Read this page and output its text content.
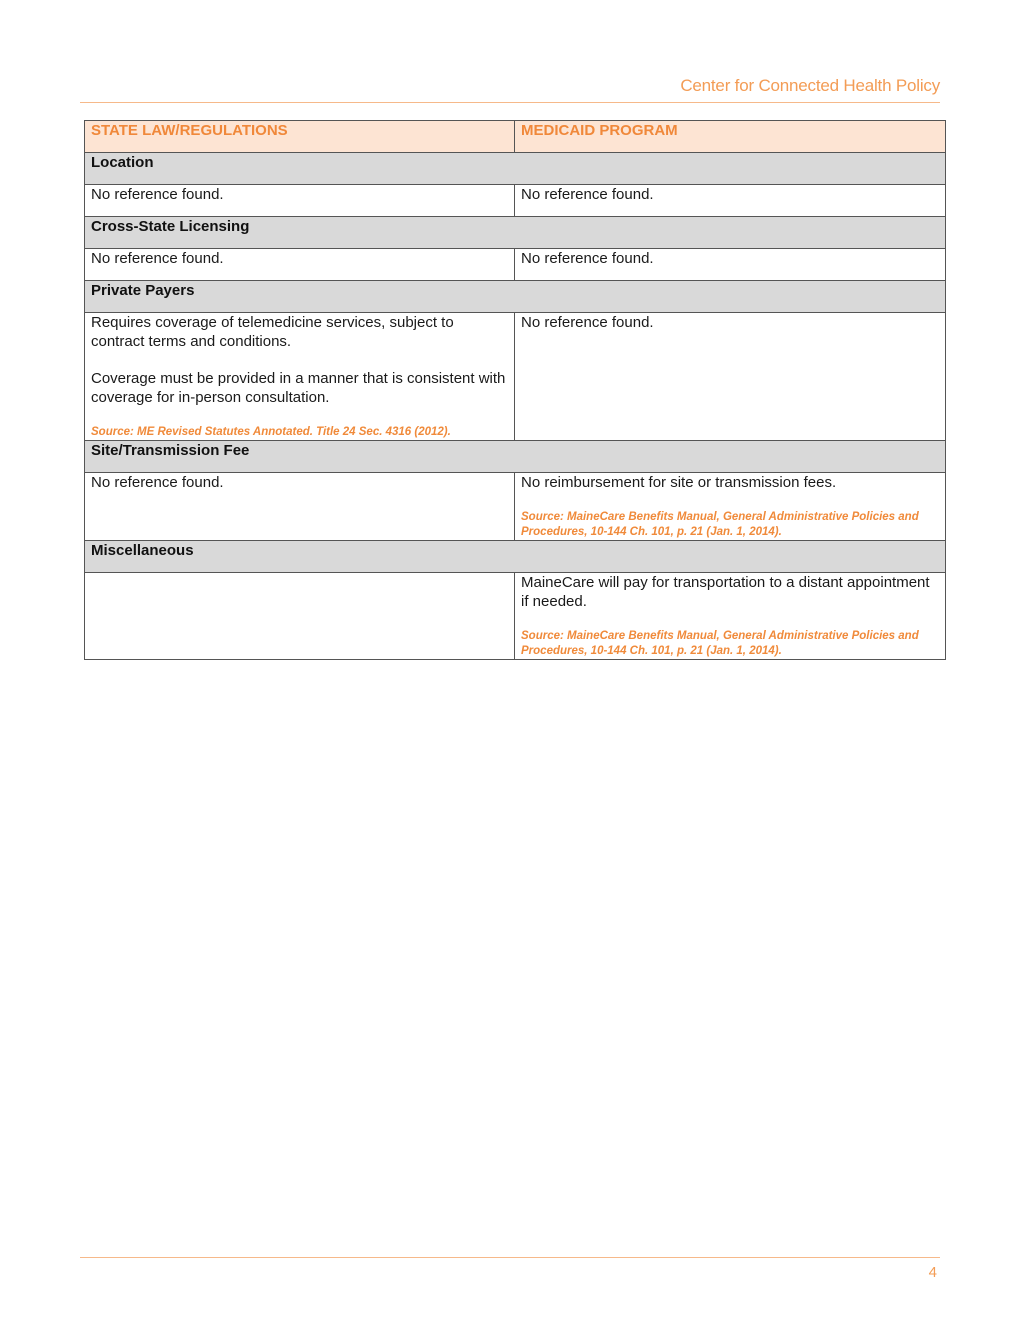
Center for Connected Health Policy
STATE LAW/REGULATIONS	MEDICAID PROGRAM
Location	
No reference found.	No reference found.
Cross-State Licensing	
No reference found.	No reference found.
Private Payers	

Requires coverage of telemedicine services, subject to contract terms and conditions.

Coverage must be provided in a manner that is consistent with coverage for in-person consultation.

Source: ME Revised Statutes Annotated. Title 24 Sec. 4316 (2012).	No reference found.

Site/Transmission Fee	

No reference found.	No reimbursement for site or transmission fees.

Source: MaineCare Benefits Manual, General Administrative Policies and Procedures, 10-144 Ch. 101, p. 21 (Jan. 1, 2014).

Miscellaneous	

	MaineCare will pay for transportation to a distant appointment if needed.

Source: MaineCare Benefits Manual, General Administrative Policies and Procedures, 10-144 Ch. 101, p. 21 (Jan. 1, 2014).

4
